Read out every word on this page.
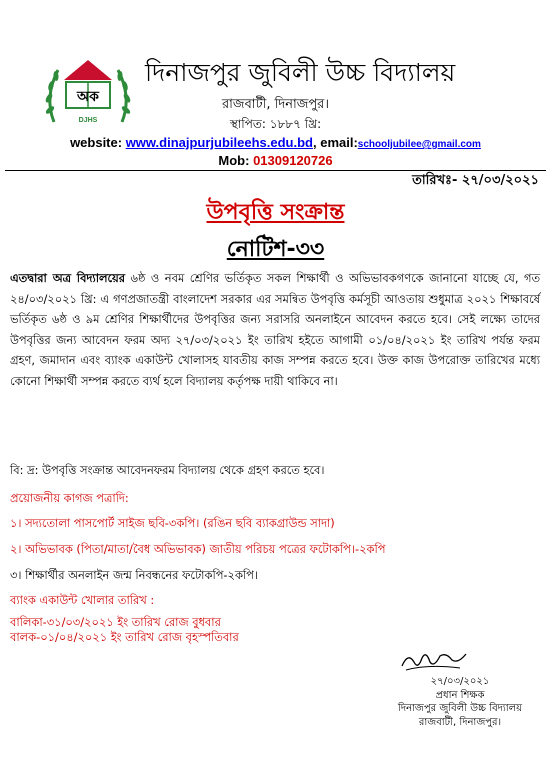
অক
DJHS
দিনাজপুর জুবিলী উচ্চ বিদ্যালয়
রাজবাটী, দিনাজপুর।
স্থাপিত: ১৮৮৭ খ্রি:
website: www.dinajpurjubileehs.edu.bd, email:schooljubilee@gmail.com
Mob: 01309120726
তারিখঃ- ২৭/০৩/২০২১
উপবৃত্তি সংক্রান্ত
নোটিশ-৩৩
এতদ্বারা অত্র বিদ্যালয়ের ৬ষ্ঠ ও নবম শ্রেণির ভর্তিকৃত সকল শিক্ষার্থী ও অভিভাবকগণকে জানানো যাচ্ছে যে, গত ২৪/০৩/২০২১ খ্রি: এ গণপ্রজাতন্ত্রী বাংলাদেশ সরকার এর সমন্বিত উপবৃত্তি কর্মসূচী আওতায় শুধুমাত্র ২০২১ শিক্ষাবর্ষে ভর্তিকৃত ৬ষ্ঠ ও ৯ম শ্রেণির শিক্ষার্থীদের উপবৃত্তির জন্য সরাসরি অনলাইনে আবেদন করতে হবে। সেই লক্ষ্যে তাদের উপবৃত্তির জন্য আবেদন ফরম অদ্য ২৭/০৩/২০২১ ইং তারিখ হইতে আগামী ০১/০৪/২০২১ ইং তারিখ পর্যন্ত ফরম গ্রহণ, জমাদান এবং ব্যাংক একাউন্ট খোলাসহ যাবতীয় কাজ সম্পন্ন করতে হবে। উক্ত কাজ উপরোক্ত তারিখের মধ্যে কোনো শিক্ষার্থী সম্পন্ন করতে ব্যর্থ হলে বিদ্যালয় কর্তৃপক্ষ দায়ী থাকিবে না।
বি: দ্র: উপবৃত্তি সংক্রান্ত আবেদনফরম বিদ্যালয় থেকে গ্রহণ করতে হবে।
প্রয়োজনীয় কাগজ পত্রাদি:
১। সদ্যতোলা পাসপোর্ট সাইজ ছবি-৩কপি। (রঙিন ছবি ব্যাকগ্রাউন্ড সাদা)
২। অভিভাবক (পিতা/মাতা/বৈধ অভিভাবক) জাতীয় পরিচয় পত্রের ফটোকপি।-২কপি
৩। শিক্ষার্থীর অনলাইন জন্ম নিবন্ধনের ফটোকপি-২কপি।
ব্যাংক একাউন্ট খোলার তারিখ :
বালিকা-৩১/০৩/২০২১ ইং তারিখ রোজ বুধবার
বালক-০১/০৪/২০২১ ইং তারিখ রোজ বৃহস্পতিবার
২৭/০৩/২০২১
প্রধান শিক্ষক
দিনাজপুর জুবিলী উচ্চ বিদ্যালয়
রাজবাটী, দিনাজপুর।
